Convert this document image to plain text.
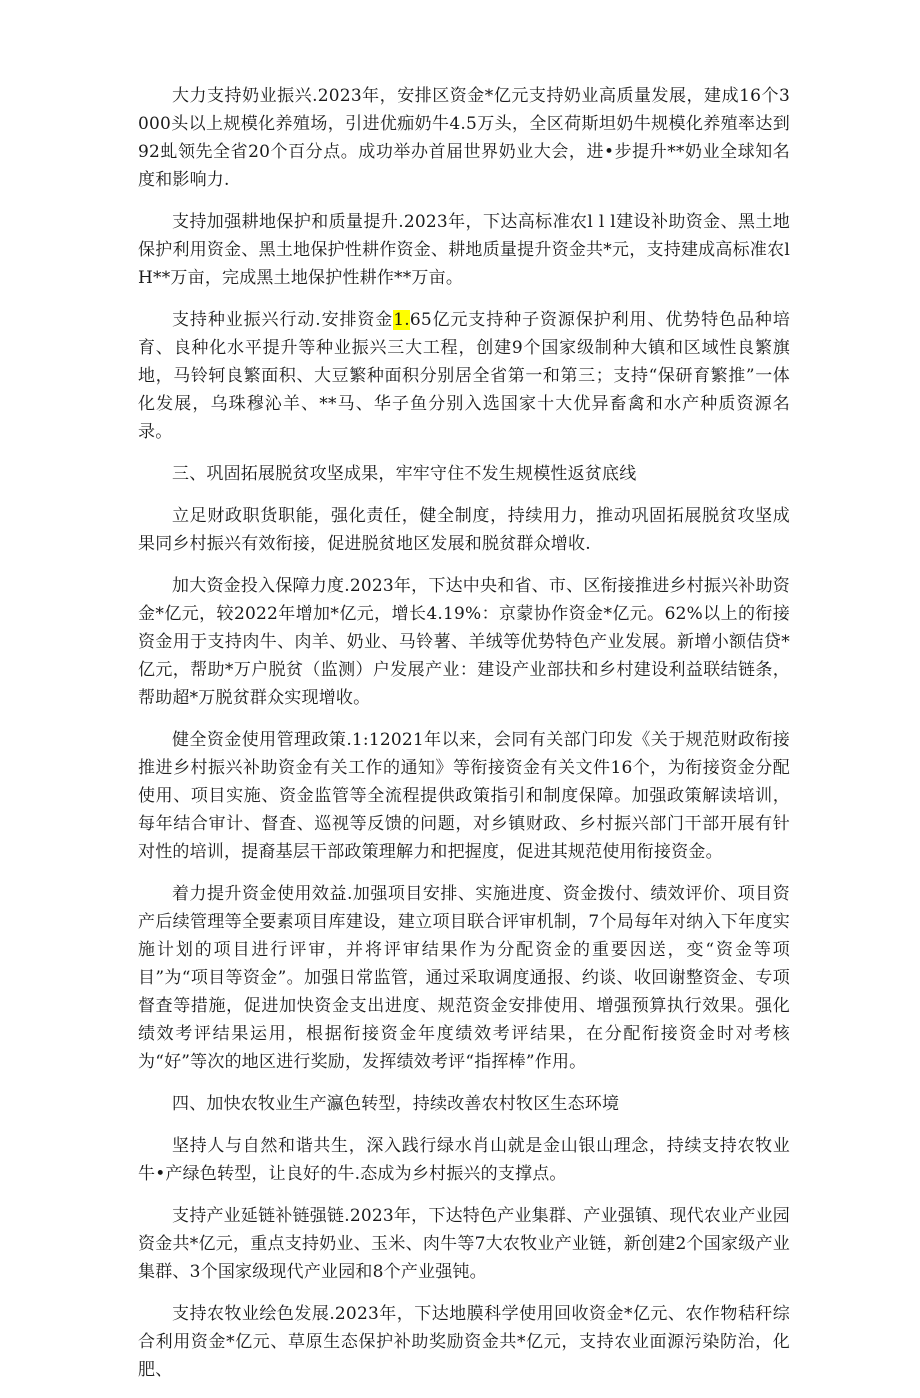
大力支持奶业振兴.2023年，安排区资金*亿元支持奶业高质量发展，建成16个3000头以上规模化养殖场，引进优痂奶牛4.5万头，全区荷斯坦奶牛规模化养殖率达到92虬领先全省20个百分点。成功举办首届世界奶业大会，进•步提升**奶业全球知名度和影响力.

支持加强耕地保护和质量提升.2023年，下达高标准农l l l建设补助资金、黑土地保护利用资金、黑土地保护性耕作资金、耕地质量提升资金共*元，支持建成高标准农lH**万亩，完成黑土地保护性耕作**万亩。

支持种业振兴行动.安排资金1.65亿元支持种子资源保护利用、优势特色品种培育、良种化水平提升等种业振兴三大工程，创建9个国家级制种大镇和区域性良繁旗地，马铃轲良繁面积、大豆繁种面积分别居全省第一和第三；支持“保研育繁推”一体化发展，乌珠穆沁羊、**马、华子鱼分别入选国家十大优异畜禽和水产种质资源名录。

三、巩固拓展脱贫攻坚成果，牢牢守住不发生规模性返贫底线

立足财政职货职能，强化责任，健全制度，持续用力，推动巩固拓展脱贫攻坚成果同乡村振兴有效衔接，促进脱贫地区发展和脱贫群众增收.

加大资金投入保障力度.2023年，下达中央和省、市、区衔接推进乡村振兴补助资金*亿元，较2022年增加*亿元，增长4.19%：京蒙协作资金*亿元。62%以上的衔接资金用于支持肉牛、肉羊、奶业、马铃薯、羊绒等优势特色产业发展。新增小额佶贷*亿元，帮助*万户脱贫（监测）户发展产业：建设产业部扶和乡村建设利益联结链条，帮助超*万脱贫群众实现增收。

健全资金使用管理政策.1:12021年以来，会同有关部门印发《关于规范财政衔接推进乡村振兴补助资金有关工作的通知》等衔接资金有关文件16个，为衔接资金分配使用、项目实施、资金监管等全流程提供政策指引和制度保障。加强政策解读培训，每年结合审计、督査、巡视等反馈的问题，对乡镇财政、乡村振兴部门干部开展有针对性的培训，提裔基层干部政策理解力和把握度，促进其规范使用衔接资金。

着力提升资金使用效益.加强项目安排、实施进度、资金拨付、绩效评价、项目资产后续管理等全要素项目库建设，建立项目联合评审机制，7个局每年对纳入下年度实施计划的项目进行评审，并将评审结果作为分配资金的重要因送，变“资金等项目”为“项目等资金”。加强日常监管，通过采取调度通报、约谈、收回谢整资金、专项督査等措施，促进加快资金支出进度、规范资金安排使用、增强预算执行效果。强化绩效考评结果运用，根据衔接资金年度绩效考评结果，在分配衔接资金时对考核为“好”等次的地区进行奖励，发挥绩效考评“指挥棒”作用。

四、加快农牧业生产瀛色转型，持续改善农村牧区生态环境

坚持人与自然和谐共生，深入践行绿水肖山就是金山银山理念，持续支持农牧业牛•产绿色转型，让良好的牛.态成为乡村振兴的支撑点。

支持产业延链补链强链.2023年，下达特色产业集群、产业强镇、现代农业产业园资金共*亿元，重点支持奶业、玉米、肉牛等7大农牧业产业链，新创建2个国家级产业集群、3个国家级现代产业园和8个产业强钝。

支持农牧业绘色发展.2023年，下达地膜科学使用回收资金*亿元、农作物秸秆综合利用资金*亿元、草原生态保护补助奖励资金共*亿元，支持农业面源污染防治，化肥、
